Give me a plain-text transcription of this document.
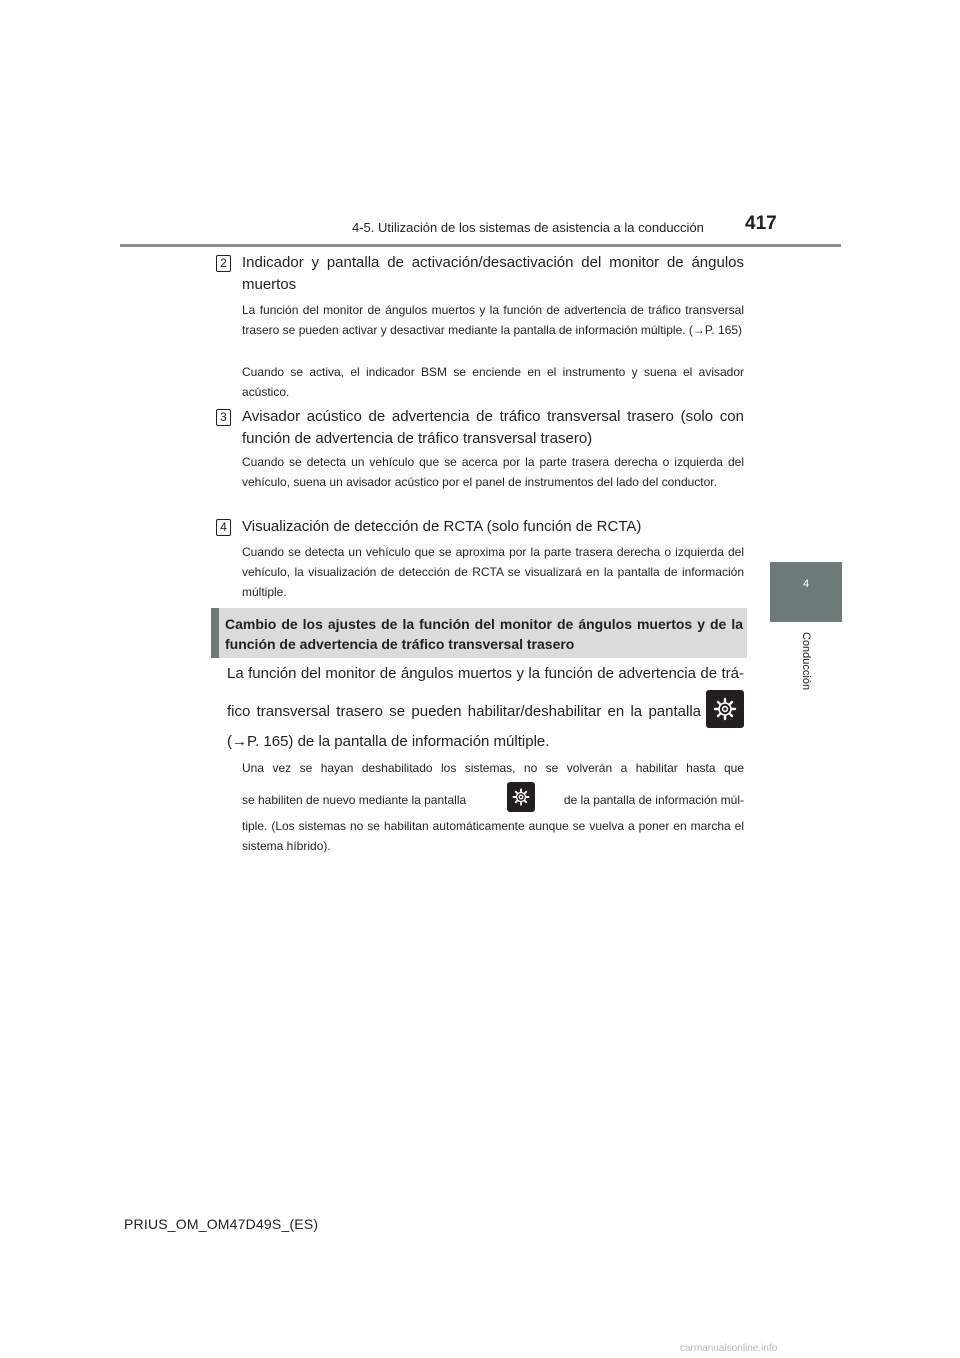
4-5. Utilización de los sistemas de asistencia a la conducción 417
4
Conducción
2 Indicador y pantalla de activación/desactivación del monitor de ángulos muertos
La función del monitor de ángulos muertos y la función de advertencia de tráfico transversal trasero se pueden activar y desactivar mediante la pantalla de información múltiple. (→P. 165)
Cuando se activa, el indicador BSM se enciende en el instrumento y suena el avisador acústico.
3 Avisador acústico de advertencia de tráfico transversal trasero (solo con función de advertencia de tráfico transversal trasero)
Cuando se detecta un vehículo que se acerca por la parte trasera derecha o izquierda del vehículo, suena un avisador acústico por el panel de instrumentos del lado del conductor.
4 Visualización de detección de RCTA (solo función de RCTA)
Cuando se detecta un vehículo que se aproxima por la parte trasera derecha o izquierda del vehículo, la visualización de detección de RCTA se visualizará en la pantalla de información múltiple.
Cambio de los ajustes de la función del monitor de ángulos muertos y de la función de advertencia de tráfico transversal trasero
La función del monitor de ángulos muertos y la función de advertencia de trá-
fico transversal trasero se pueden habilitar/deshabilitar en la pantalla
(→P. 165) de la pantalla de información múltiple.
Una vez se hayan deshabilitado los sistemas, no se volverán a habilitar hasta que
se habiliten de nuevo mediante la pantalla	de la pantalla de información múl-
tiple. (Los sistemas no se habilitan automáticamente aunque se vuelva a poner en marcha el sistema híbrido).
PRIUS_OM_OM47D49S_(ES)
carmanualsonline.info
